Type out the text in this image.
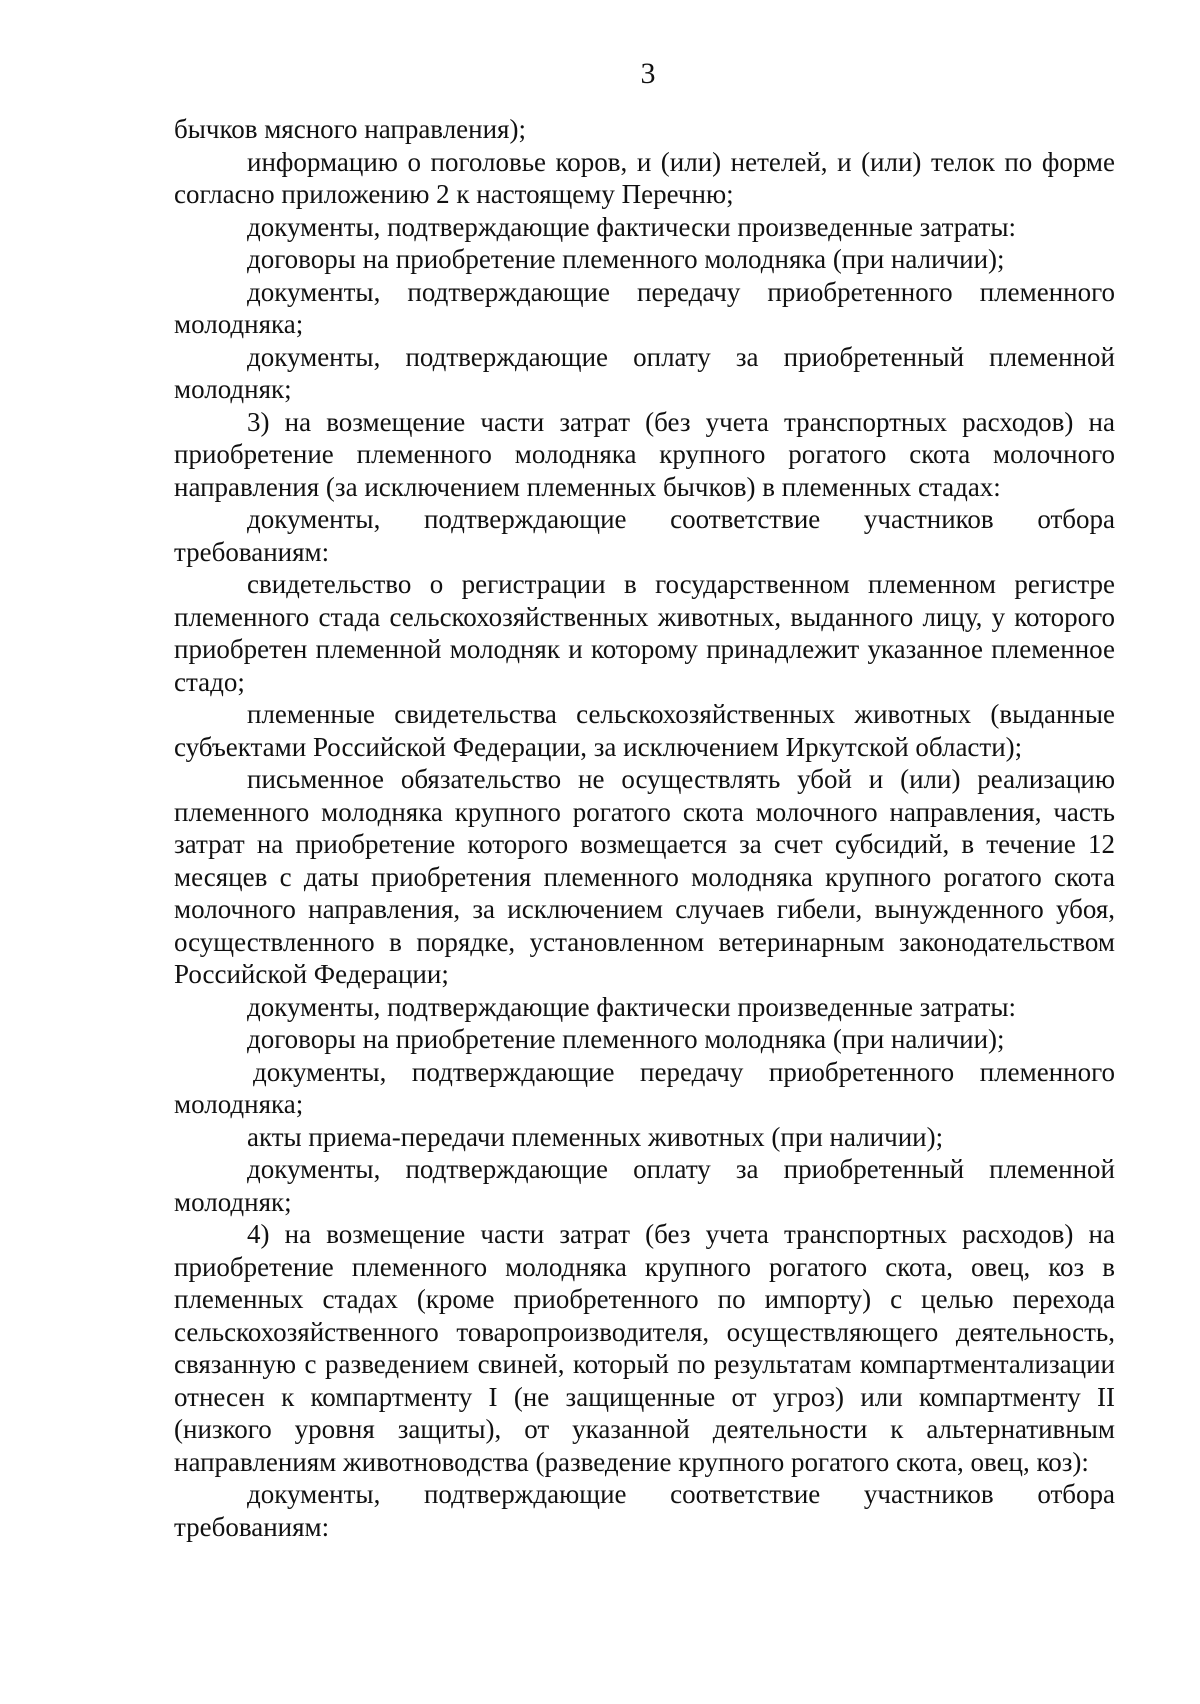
3

бычков мясного направления);

информацию о поголовье коров, и (или) нетелей, и (или) телок по форме согласно приложению 2 к настоящему Перечню;

документы, подтверждающие фактически произведенные затраты:

договоры на приобретение племенного молодняка (при наличии);

документы, подтверждающие передачу приобретенного племенного молодняка;

документы, подтверждающие оплату за приобретенный племенной молодняк;

3) на возмещение части затрат (без учета транспортных расходов) на приобретение племенного молодняка крупного рогатого скота молочного направления (за исключением племенных бычков) в племенных стадах:

документы, подтверждающие соответствие участников отбора требованиям:

свидетельство о регистрации в государственном племенном регистре племенного стада сельскохозяйственных животных, выданного лицу, у которого приобретен племенной молодняк и которому принадлежит указанное племенное стадо;

племенные свидетельства сельскохозяйственных животных (выданные субъектами Российской Федерации, за исключением Иркутской области);

письменное обязательство не осуществлять убой и (или) реализацию племенного молодняка крупного рогатого скота молочного направления, часть затрат на приобретение которого возмещается за счет субсидий, в течение 12 месяцев с даты приобретения племенного молодняка крупного рогатого скота молочного направления, за исключением случаев гибели, вынужденного убоя, осуществленного в порядке, установленном ветеринарным законодательством Российской Федерации;

документы, подтверждающие фактически произведенные затраты:

договоры на приобретение племенного молодняка (при наличии);

документы, подтверждающие передачу приобретенного племенного молодняка;

акты приема-передачи племенных животных (при наличии);

документы, подтверждающие оплату за приобретенный племенной молодняк;

4) на возмещение части затрат (без учета транспортных расходов) на приобретение племенного молодняка крупного рогатого скота, овец, коз в племенных стадах (кроме приобретенного по импорту) с целью перехода сельскохозяйственного товаропроизводителя, осуществляющего деятельность, связанную с разведением свиней, который по результатам компартментализации отнесен к компартменту I (не защищенные от угроз) или компартменту II (низкого уровня защиты), от указанной деятельности к альтернативным направлениям животноводства (разведение крупного рогатого скота, овец, коз):

документы, подтверждающие соответствие участников отбора требованиям:
